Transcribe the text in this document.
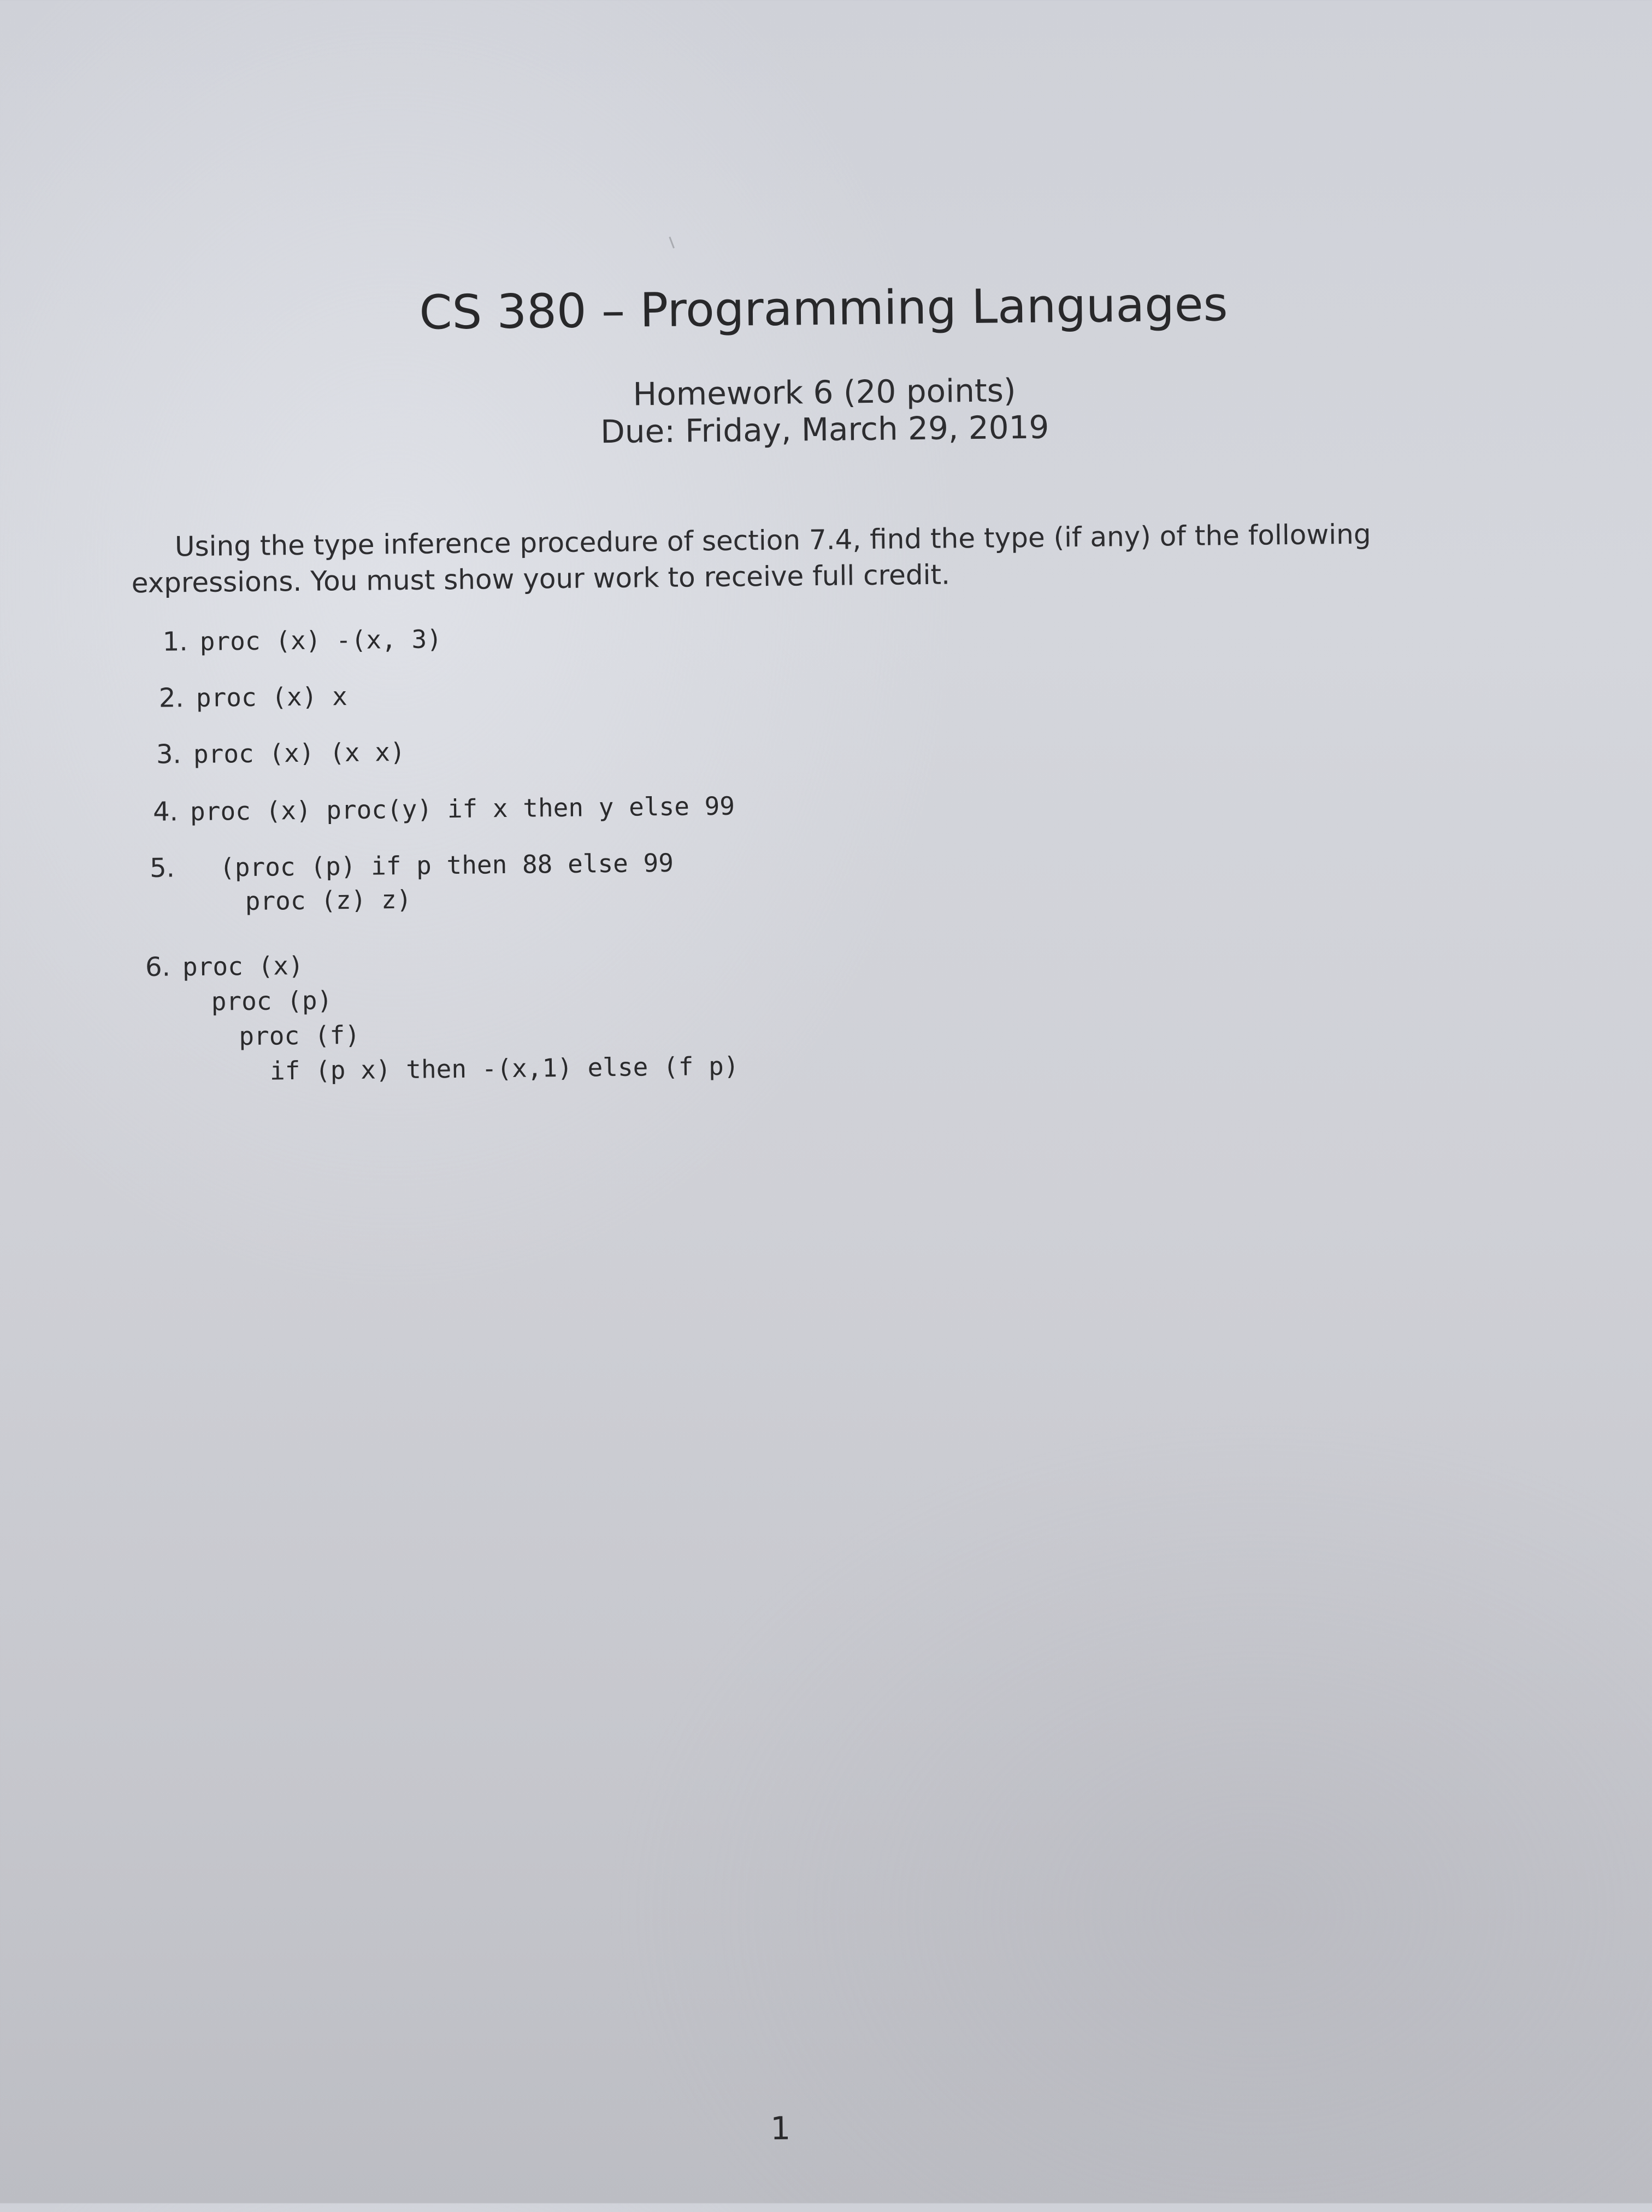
CS 380 – Programming Languages
Homework 6 (20 points)
Due: Friday, March 29, 2019
Using the type inference procedure of section 7.4, find the type (if any) of the following expressions. You must show your work to receive full credit.
1. proc (x) -(x, 3)
2. proc (x) x
3. proc (x) (x x)
4. proc (x) proc(y) if x then y else 99
5. (proc (p) if p then 88 else 99
proc (z) z)
6. proc (x)
proc (p)
proc (f)
if (p x) then -(x,1) else (f p)
1
